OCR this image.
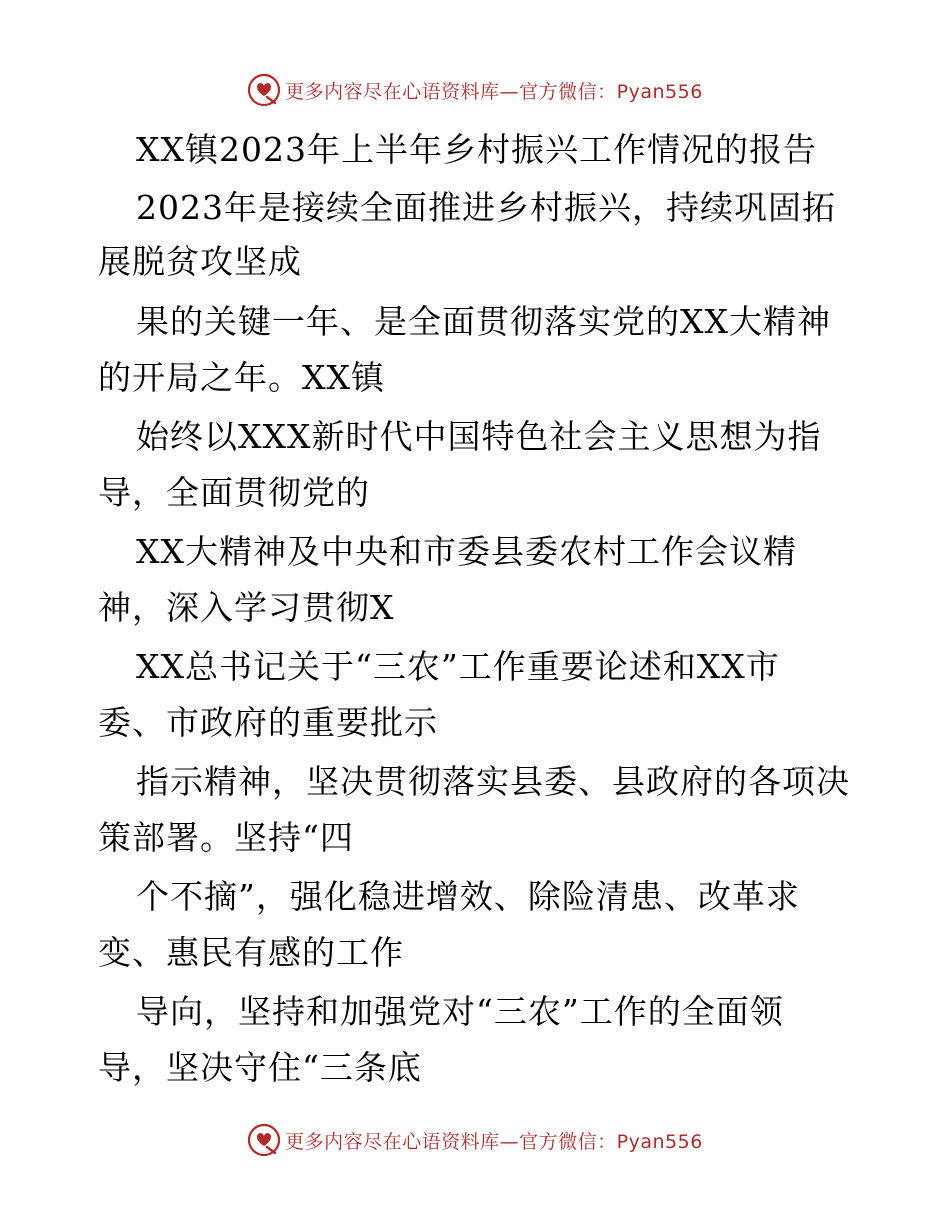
更多内容尽在心语资料库—官方微信：Pyan556
XX镇2023年上半年乡村振兴工作情况的报告
2023年是接续全面推进乡村振兴，持续巩固拓
展脱贫攻坚成
果的关键一年、是全面贯彻落实党的XX大精神
的开局之年。XX镇
始终以XXX新时代中国特色社会主义思想为指
导，全面贯彻党的
XX大精神及中央和市委县委农村工作会议精
神，深入学习贯彻X
XX总书记关于“三农”工作重要论述和XX市
委、市政府的重要批示
指示精神，坚决贯彻落实县委、县政府的各项决
策部署。坚持“四
个不摘”，强化稳进增效、除险清患、改革求
变、惠民有感的工作
导向，坚持和加强党对“三农”工作的全面领
导，坚决守住“三条底
更多内容尽在心语资料库—官方微信：Pyan556
